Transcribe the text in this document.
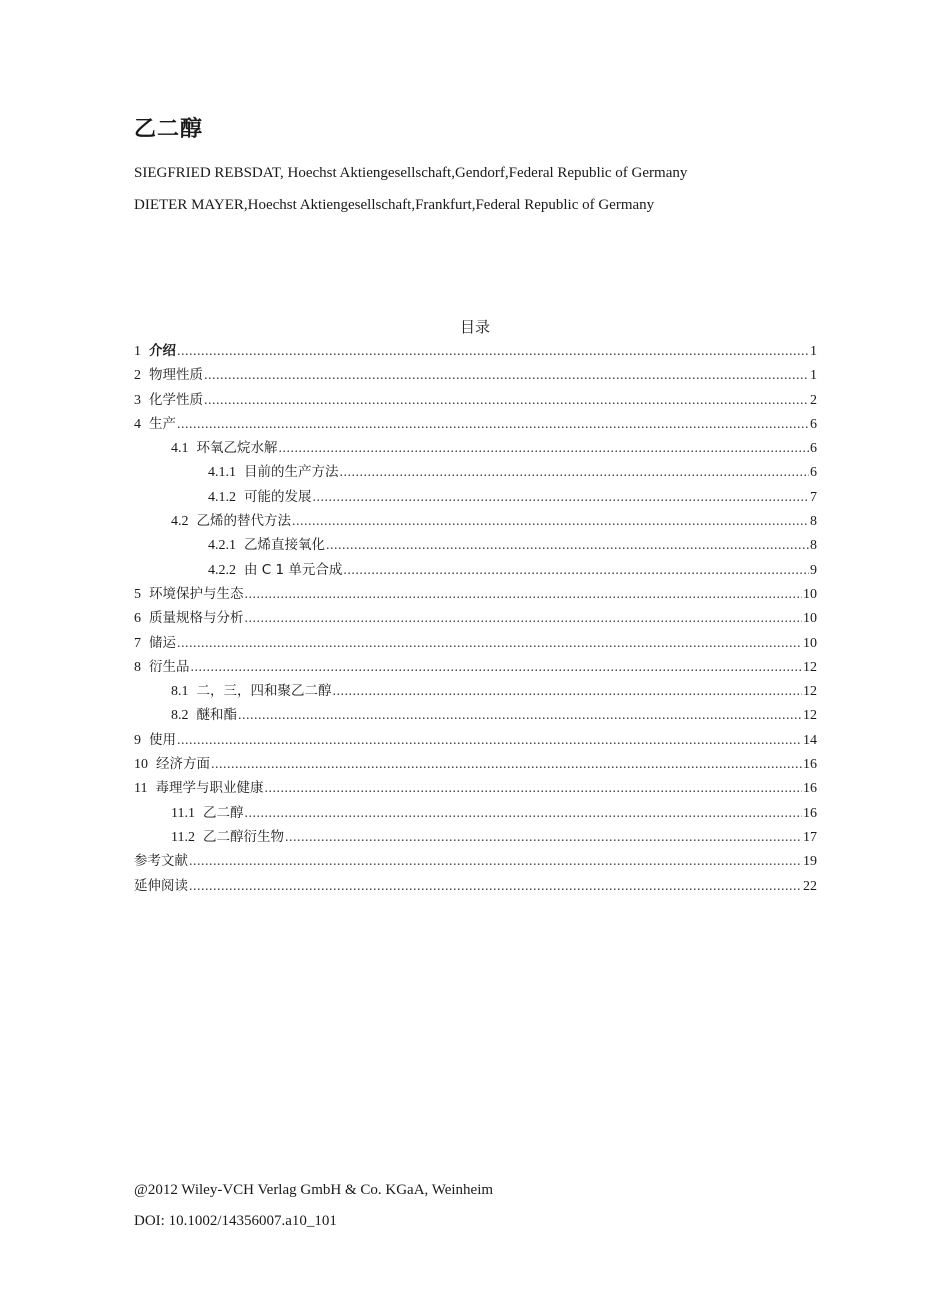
乙二醇
SIEGFRIED REBSDAT, Hoechst Aktiengesellschaft,Gendorf,Federal Republic of Germany
DIETER MAYER,Hoechst Aktiengesellschaft,Frankfurt,Federal Republic of Germany
目录
1 介绍 .....	1
2 物理性质 .....	1
3 化学性质 .....	2
4 生产 .....	6
4.1 环氧乙烷水解 .....	6
4.1.1 目前的生产方法 .....	6
4.1.2 可能的发展 .....	7
4.2 乙烯的替代方法 .....	8
4.2.1 乙烯直接氧化 .....	8
4.2.2 由 C 1 单元合成 .....	9
5 环境保护与生态 .....	10
6 质量规格与分析 .....	10
7 储运 .....	10
8 衍生品 .....	12
8.1 二，三，四和聚乙二醇 .....	12
8.2 醚和酯 .....	12
9 使用 .....	14
10 经济方面 .....	16
11 毒理学与职业健康 .....	16
11.1 乙二醇 .....	16
11.2 乙二醇衍生物 .....	17
参考文献 .....	19
延伸阅读 .....	22
@2012 Wiley-VCH Verlag GmbH & Co. KGaA, Weinheim
DOI: 10.1002/14356007.a10_101
